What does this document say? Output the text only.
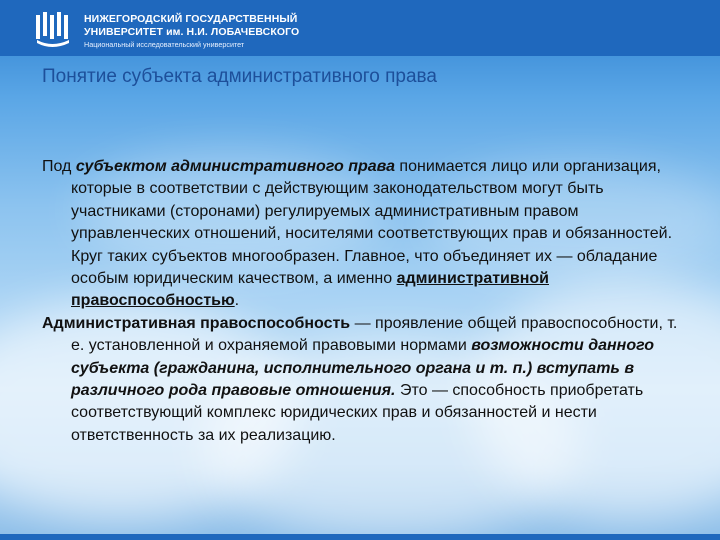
НИЖЕГОРОДСКИЙ ГОСУДАРСТВЕННЫЙ
УНИВЕРСИТЕТ им. Н.И. ЛОБАЧЕВСКОГО
Национальный исследовательский университет
Понятие субъекта административного права

Под субъектом административного права понимается лицо или организация, которые в соответствии с действующим законодательством могут быть участниками (сторонами) регулируемых административным правом управленческих отношений, носителями соответствующих прав и обязанностей. Круг таких субъектов многообразен. Главное, что объединяет их — обладание особым юридическим качеством, а именно административной правоспособностью.

Административная правоспособность — проявление общей правоспособности, т. е. установленной и охраняемой правовыми нормами возможности данного субъекта (гражданина, исполнительного органа и т. п.) вступать в различного рода правовые отношения. Это — способность приобретать соответствующий комплекс юридических прав и обязанностей и нести ответственность за их реализацию.
